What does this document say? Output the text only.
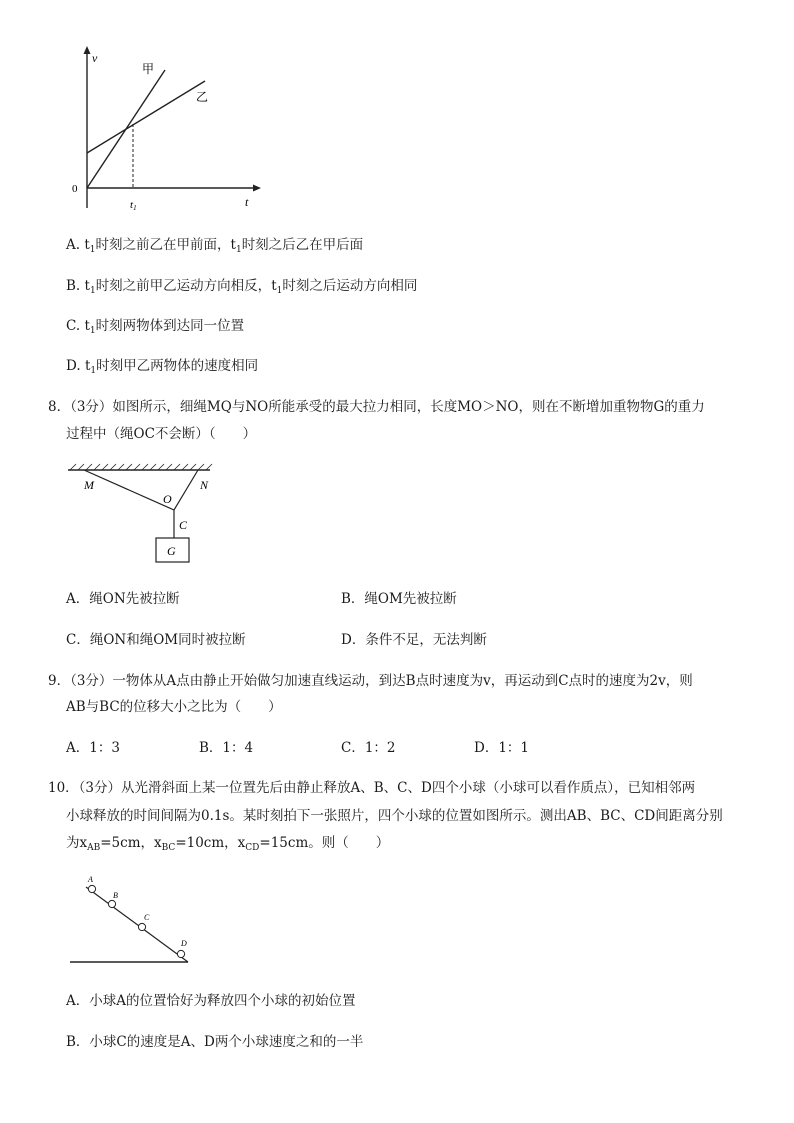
v
t
0
t1
甲
乙
A. $t_1$时刻之前乙在甲前面，$t_1$时刻之后乙在甲后面
B. $t_1$时刻之前甲乙运动方向相反，$t_1$时刻之后运动方向相同
C. $t_1$时刻两物体到达同一位置
D. $t_1$时刻甲乙两物体的速度相同
8．（3分）如图所示，细绳MQ与NO所能承受的最大拉力相同，长度MO＞NO，则在不断增加重物物G的重力
过程中（绳OC不会断）（　　）
M	N
O
C
G
A．绳ON先被拉断	B．绳OM先被拉断
C．绳ON和绳OM同时被拉断	D．条件不足，无法判断
9．（3分）一物体从A点由静止开始做匀加速直线运动，到达B点时速度为v，再运动到C点时的速度为2v，则
AB与BC的位移大小之比为（　　）
A．1：3	B．1：4	C．1：2	D．1：1
10．（3分）从光滑斜面上某一位置先后由静止释放A、B、C、D四个小球（小球可以看作质点），已知相邻两
小球释放的时间间隔为0.1s。某时刻拍下一张照片，四个小球的位置如图所示。测出AB、BC、CD间距离分别
为$x_{AB}=5cm$，$x_{BC}=10cm$，$x_{CD}=15cm$。则（　　）
A
B
C
D
A．小球A的位置恰好为释放四个小球的初始位置
B．小球C的速度是A、D两个小球速度之和的一半
